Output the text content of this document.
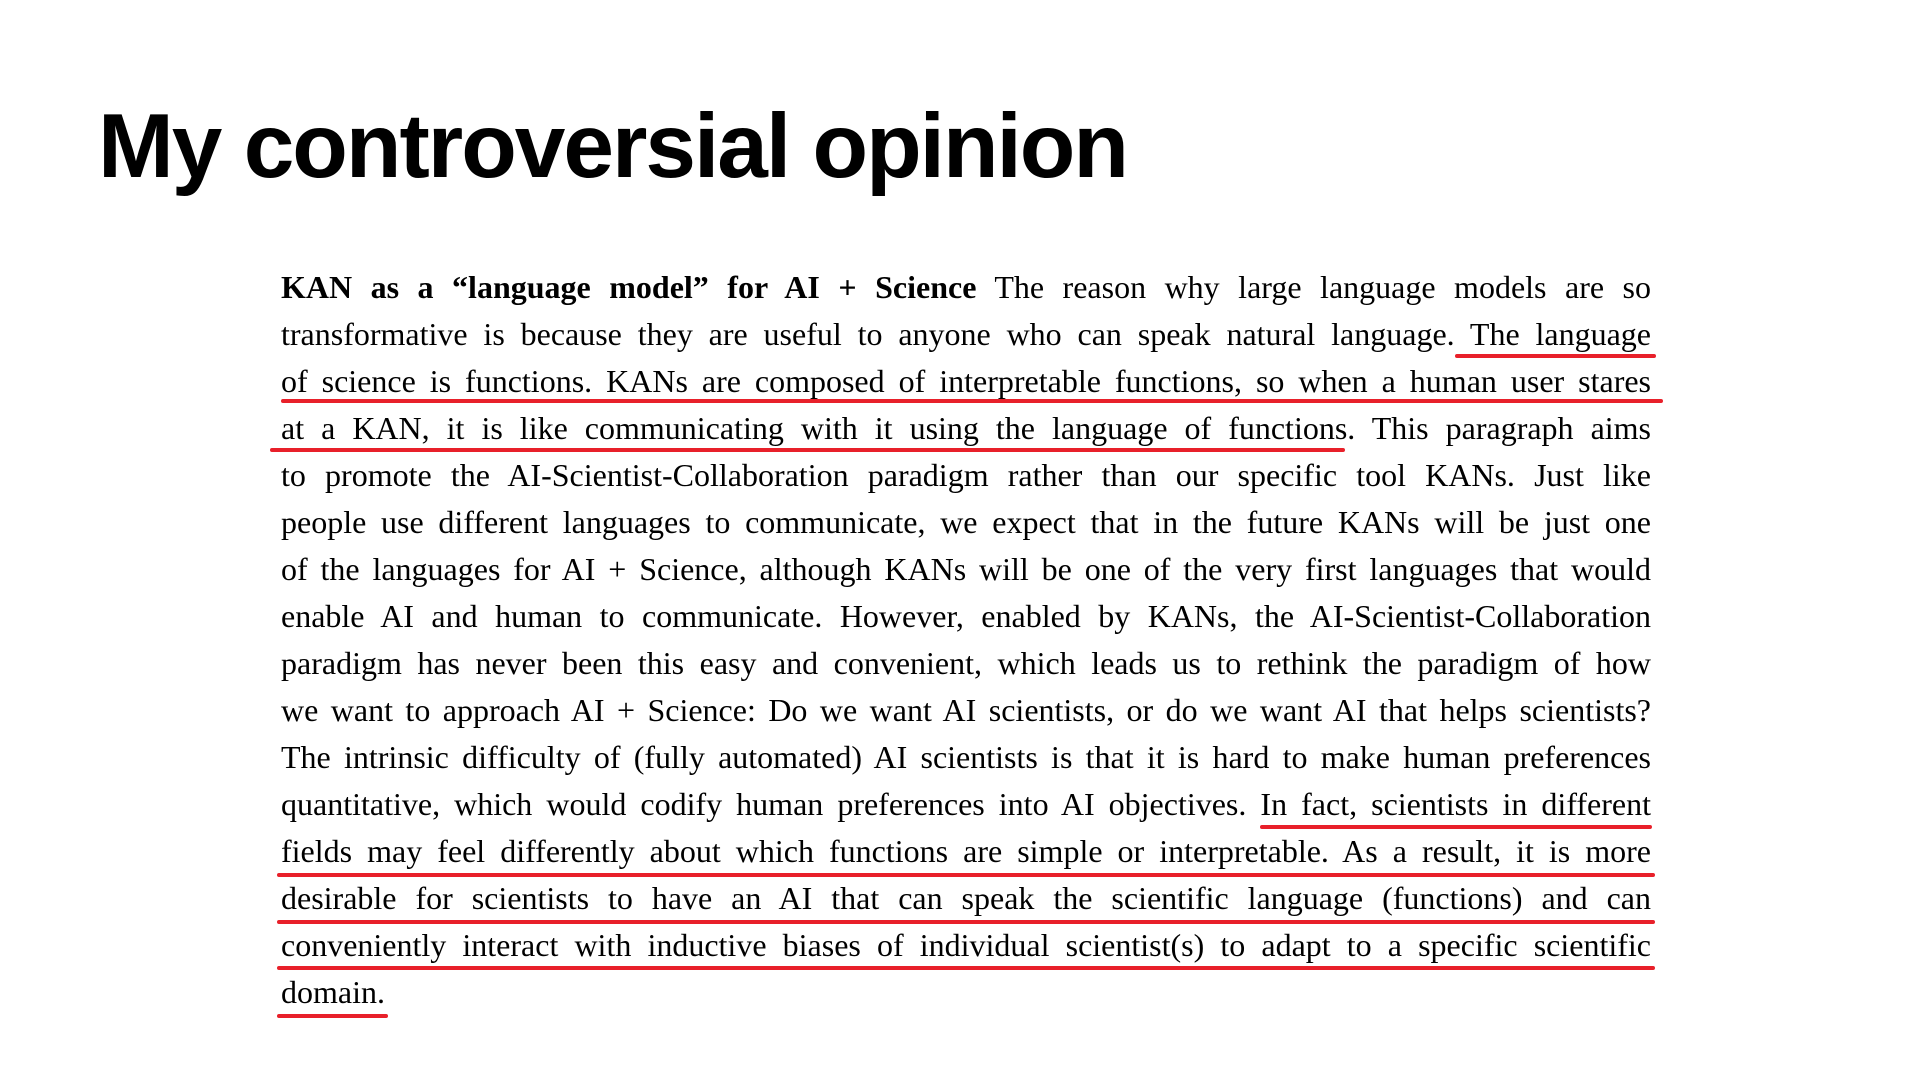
My controversial opinion
KAN as a “language model” for AI + Science The reason why large language models are so
transformative is because they are useful to anyone who can speak natural language. The language
of science is functions. KANs are composed of interpretable functions, so when a human user stares
at a KAN, it is like communicating with it using the language of functions. This paragraph aims
to promote the AI-Scientist-Collaboration paradigm rather than our specific tool KANs. Just like
people use different languages to communicate, we expect that in the future KANs will be just one
of the languages for AI + Science, although KANs will be one of the very first languages that would
enable AI and human to communicate. However, enabled by KANs, the AI-Scientist-Collaboration
paradigm has never been this easy and convenient, which leads us to rethink the paradigm of how
we want to approach AI + Science: Do we want AI scientists, or do we want AI that helps scientists?
The intrinsic difficulty of (fully automated) AI scientists is that it is hard to make human preferences
quantitative, which would codify human preferences into AI objectives. In fact, scientists in different
fields may feel differently about which functions are simple or interpretable. As a result, it is more
desirable for scientists to have an AI that can speak the scientific language (functions) and can
conveniently interact with inductive biases of individual scientist(s) to adapt to a specific scientific
domain.
